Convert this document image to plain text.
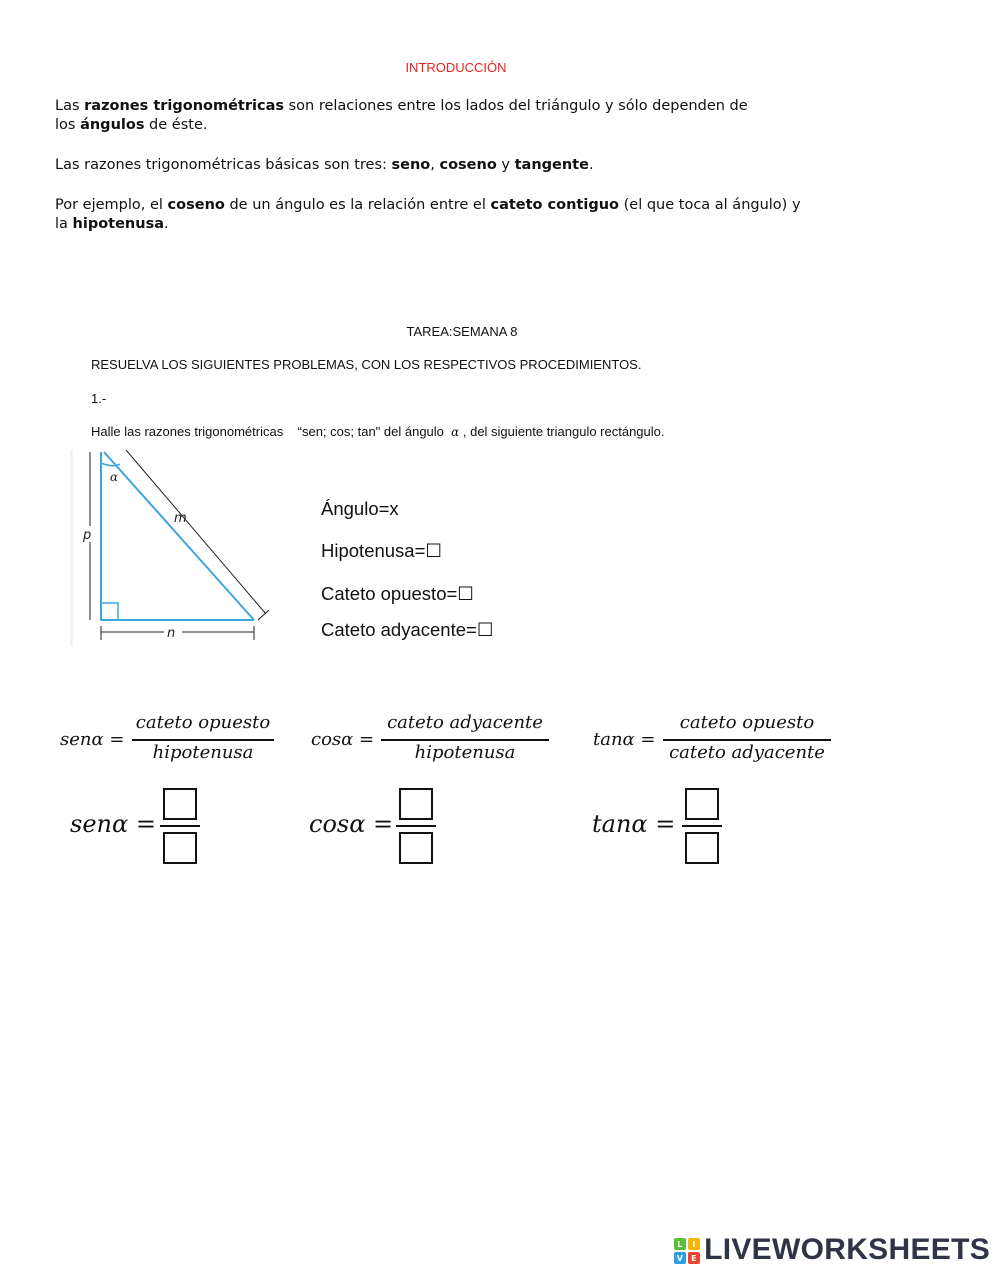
INTRODUCCIÓN
Las razones trigonométricas son relaciones entre los lados del triángulo y sólo dependen de
los ángulos de éste.
Las razones trigonométricas básicas son tres: seno, coseno y tangente.
Por ejemplo, el coseno de un ángulo es la relación entre el cateto contiguo (el que toca al ángulo) y
la hipotenusa.
TAREA:SEMANA 8
RESUELVA LOS SIGUIENTES PROBLEMAS, CON LOS RESPECTIVOS PROCEDIMIENTOS.
1.-
Halle las razones trigonométricas    “sen; cos; tan" del ángulo  α , del siguiente triangulo rectángulo.
α
m
p
n
Ángulo=x
Hipotenusa=☐
Cateto opuesto=☐
Cateto adyacente=☐
senα =
cateto opuesto
hipotenusa
cosα =
cateto adyacente
hipotenusa
tanα =
cateto opuesto
cateto adyacente
senα =	cosα =	tanα =
L I
V E LIVEWORKSHEETS
